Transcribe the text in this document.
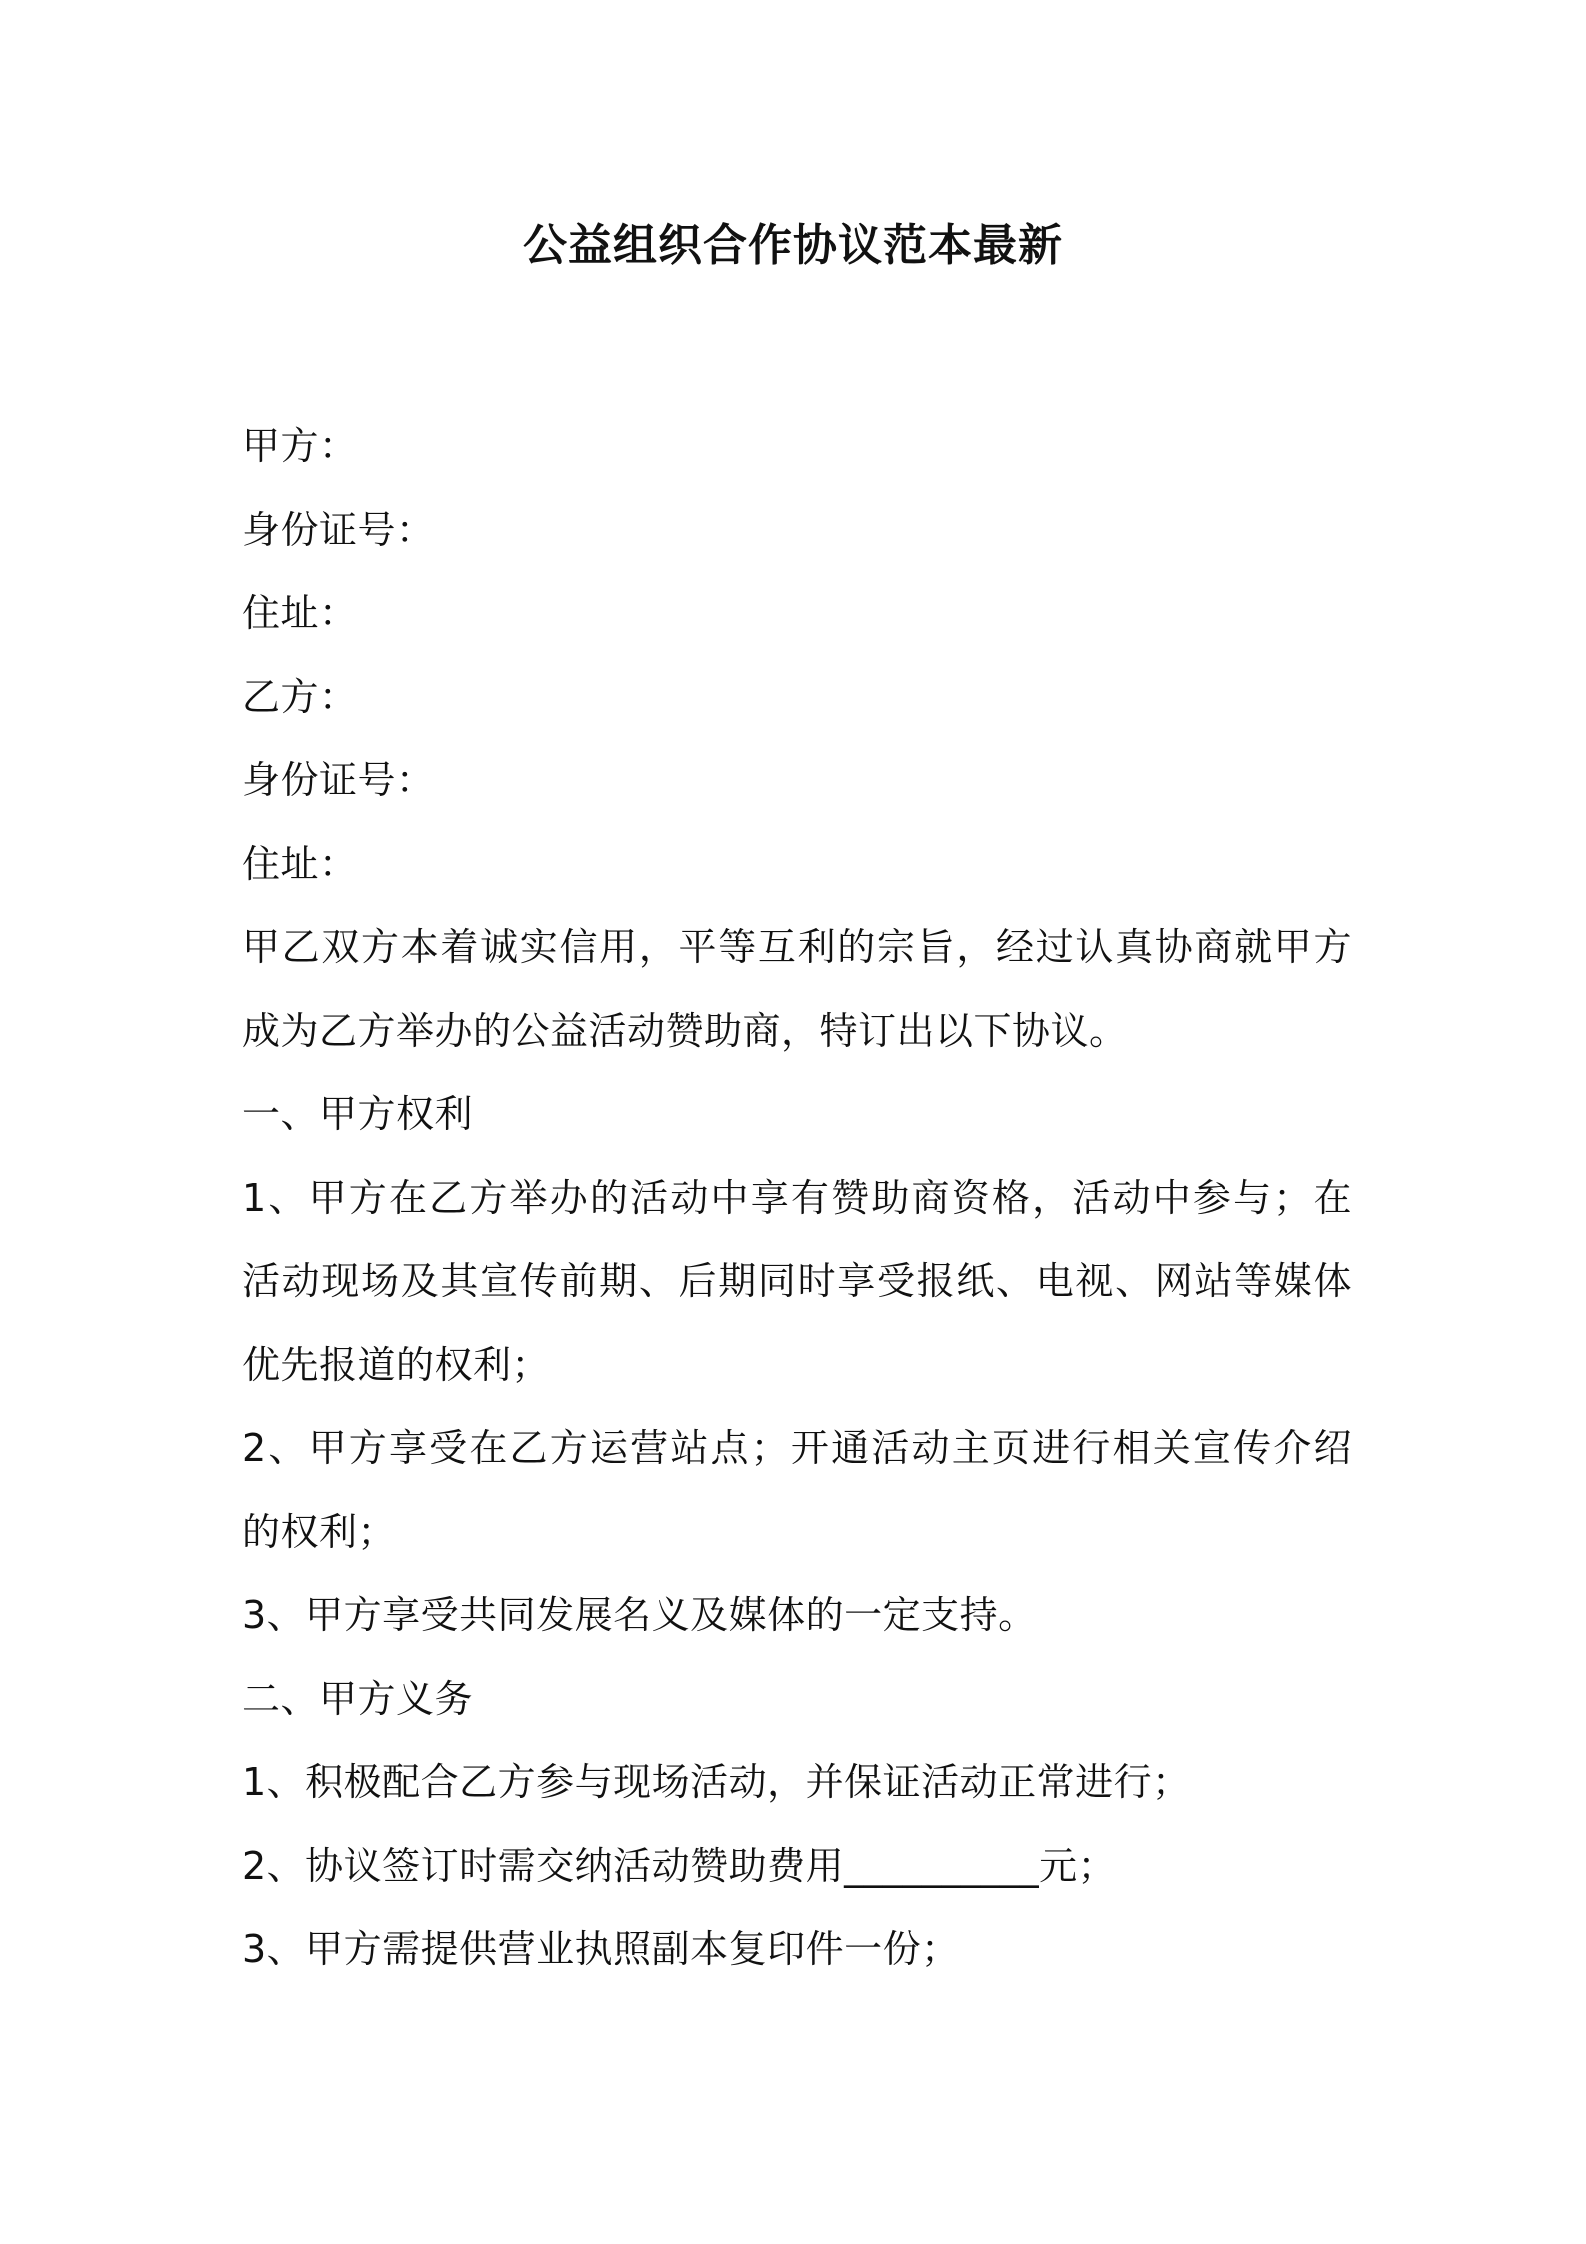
公益组织合作协议范本最新
甲方：
身份证号：
住址：
乙方：
身份证号：
住址：
甲乙双方本着诚实信用，平等互利的宗旨，经过认真协商就甲方
成为乙方举办的公益活动赞助商，特订出以下协议。
一、甲方权利
1、甲方在乙方举办的活动中享有赞助商资格，活动中参与；在
活动现场及其宣传前期、后期同时享受报纸、电视、网站等媒体
优先报道的权利；
2、甲方享受在乙方运营站点；开通活动主页进行相关宣传介绍
的权利；
3、甲方享受共同发展名义及媒体的一定支持。
二、甲方义务
1、积极配合乙方参与现场活动，并保证活动正常进行；
2、协议签订时需交纳活动赞助费用__________元；
3、甲方需提供营业执照副本复印件一份；
